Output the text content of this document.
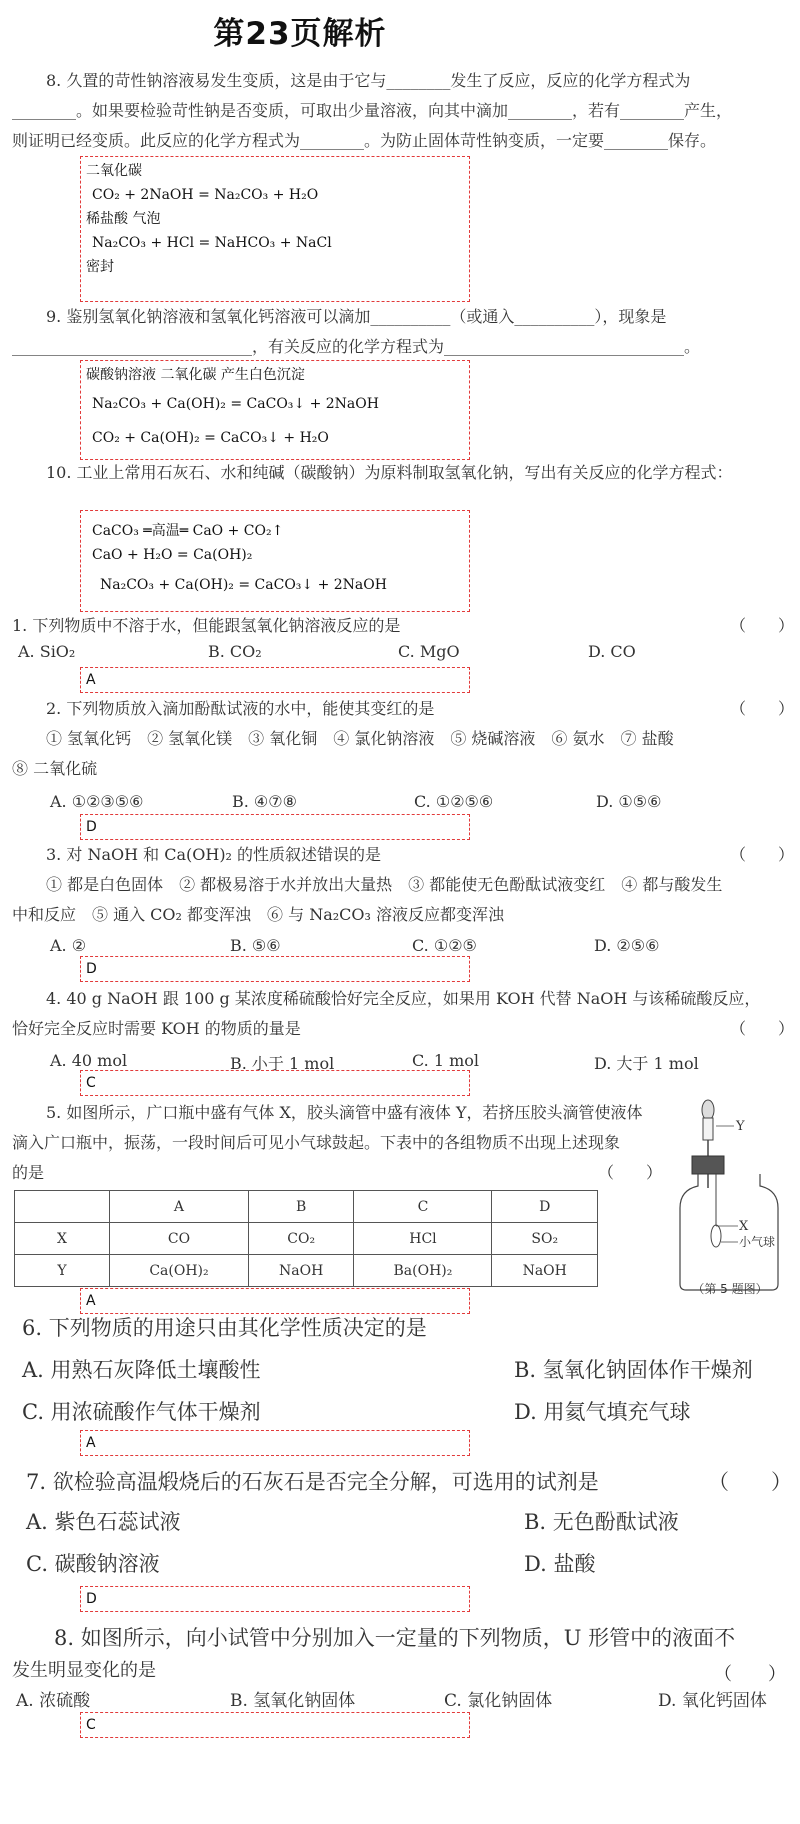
第23页解析

8. 久置的苛性钠溶液易发生变质，这是由于它与________发生了反应，反应的化学方程式为

________。如果要检验苛性钠是否变质，可取出少量溶液，向其中滴加________，若有________产生，

则证明已经变质。此反应的化学方程式为________。为防止固体苛性钠变质，一定要________保存。

二氧化碳
CO₂ + 2NaOH = Na₂CO₃ + H₂O
稀盐酸 气泡
Na₂CO₃ + HCl = NaHCO₃ + NaCl
密封

9. 鉴别氢氧化钠溶液和氢氧化钙溶液可以滴加__________（或通入__________），现象是

______________________________，有关反应的化学方程式为______________________________。

碳酸钠溶液 二氧化碳 产生白色沉淀
Na₂CO₃ + Ca(OH)₂ = CaCO₃↓ + 2NaOH
CO₂ + Ca(OH)₂ = CaCO₃↓ + H₂O

10. 工业上常用石灰石、水和纯碱（碳酸钠）为原料制取氢氧化钠，写出有关反应的化学方程式：

CaCO₃ ═高温═ CaO + CO₂↑
CaO + H₂O = Ca(OH)₂
Na₂CO₃ + Ca(OH)₂ = CaCO₃↓ + 2NaOH

1. 下列物质中不溶于水，但能跟氢氧化钠溶液反应的是	（　　）
A. SiO₂	B. CO₂	C. MgO	D. CO
A

2. 下列物质放入滴加酚酞试液的水中，能使其变红的是

① 氢氧化钙　② 氢氧化镁　③ 氧化铜　④ 氯化钠溶液　⑤ 烧碱溶液　⑥ 氨水　⑦ 盐酸

⑧ 二氧化硫

（　　）
A. ①②③⑤⑥	B. ④⑦⑧	C. ①②⑤⑥	D. ①⑤⑥
D

3. 对 NaOH 和 Ca(OH)₂ 的性质叙述错误的是

① 都是白色固体　② 都极易溶于水并放出大量热　③ 都能使无色酚酞试液变红　④ 都与酸发生

中和反应　⑤ 通入 CO₂ 都变浑浊　⑥ 与 Na₂CO₃ 溶液反应都变浑浊

（　　）
A. ②	B. ⑤⑥	C. ①②⑤	D. ②⑤⑥
D

4. 40 g NaOH 跟 100 g 某浓度稀硫酸恰好完全反应，如果用 KOH 代替 NaOH 与该稀硫酸反应，

恰好完全反应时需要 KOH 的物质的量是	（　　）
A. 40 mol	B. 小于 1 mol	C. 1 mol	D. 大于 1 mol
C

5. 如图所示，广口瓶中盛有气体 X，胶头滴管中盛有液体 Y，若挤压胶头滴管使液体

滴入广口瓶中，振荡，一段时间后可见小气球鼓起。下表中的各组物质不出现上述现象

的是	（　　）
	A	B	C	D
X	CO	CO₂	HCl	SO₂
Y	Ca(OH)₂	NaOH	Ba(OH)₂	NaOH
Y
X
小气球
（第 5 题图）
A

6. 下列物质的用途只由其化学性质决定的是

A. 用熟石灰降低土壤酸性	B. 氢氧化钠固体作干燥剂
C. 用浓硫酸作气体干燥剂	D. 用氦气填充气球
A

7. 欲检验高温煅烧后的石灰石是否完全分解，可选用的试剂是	（　　）
A. 紫色石蕊试液	B. 无色酚酞试液
C. 碳酸钠溶液	D. 盐酸
D

8. 如图所示，向小试管中分别加入一定量的下列物质，U 形管中的液面不

发生明显变化的是	（　　）
A. 浓硫酸	B. 氢氧化钠固体	C. 氯化钠固体	D. 氧化钙固体
C
